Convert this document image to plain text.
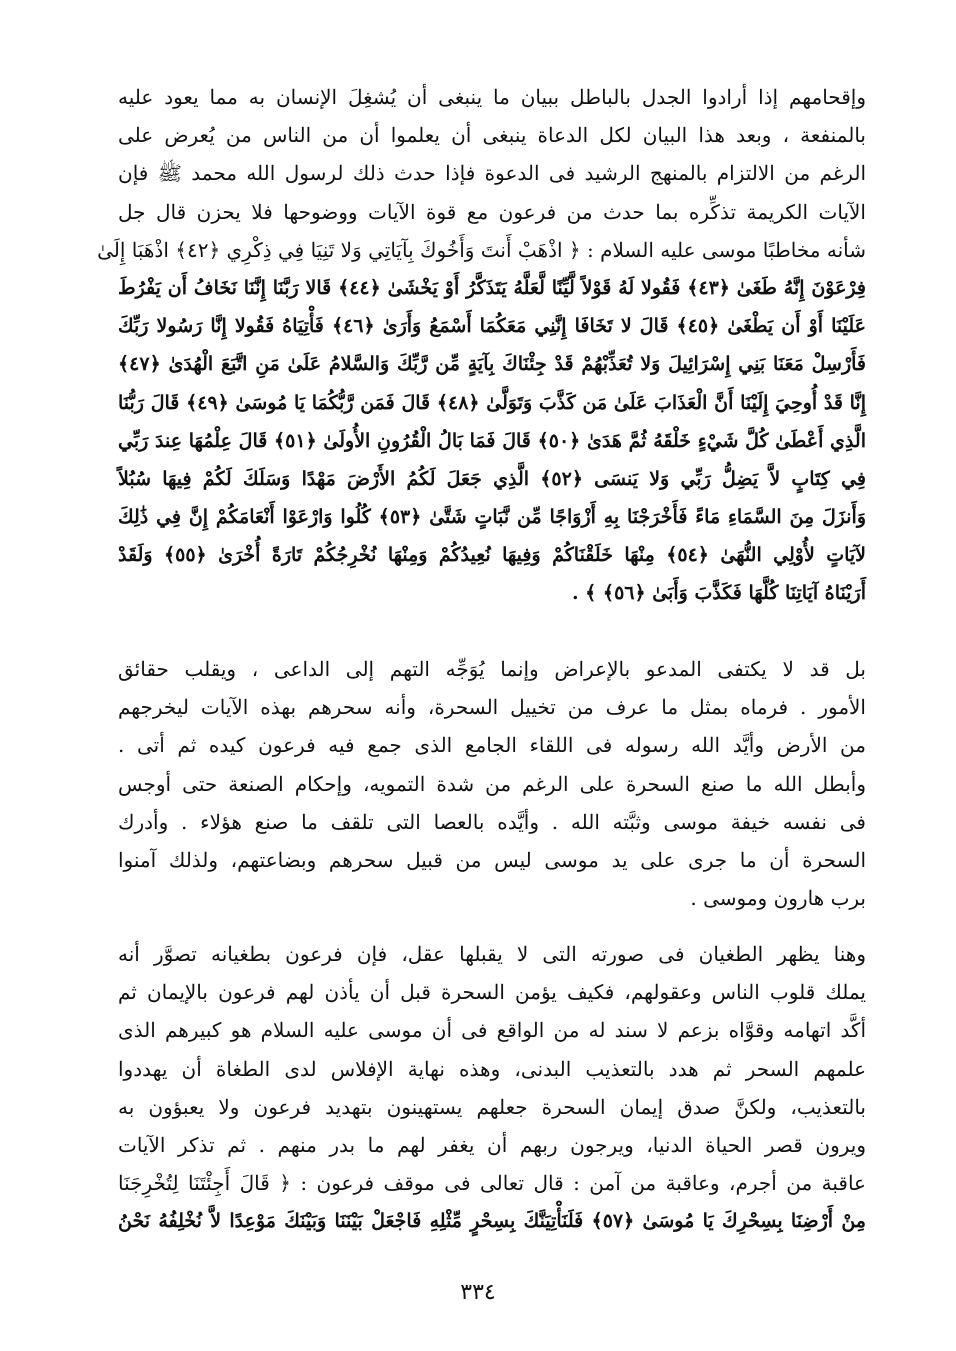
وإقحامهم إذا أرادوا الجدل بالباطل ببيان ما ينبغى أن يُشغِلَ الإنسان به مما يعود عليه
بالمنفعة ، وبعد هذا البيان لكل الدعاة ينبغى أن يعلموا أن من الناس من يُعرض على
الرغم من الالتزام بالمنهج الرشيد فى الدعوة فإذا حدث ذلك لرسول الله محمد ﷺ فإن
الآيات الكريمة تذكِّره بما حدث من فرعون مع قوة الآيات ووضوحها فلا يحزن قال جل
شأنه مخاطبًا موسى عليه السلام : ﴿ اذْهَبْ أَنتَ وَأَخُوكَ بِآيَاتِي وَلا تَنِيَا فِي ذِكْرِي ﴿٤٢﴾ اذْهَبَا إِلَىٰ
فِرْعَوْنَ إِنَّهُ طَغَىٰ ﴿٤٣﴾ فَقُولا لَهُ قَوْلاً لَّيِّنًا لَّعَلَّهُ يَتَذَكَّرُ أَوْ يَخْشَىٰ ﴿٤٤﴾ قَالا رَبَّنَا إِنَّنَا نَخَافُ أَن يَفْرُطَ
عَلَيْنَا أَوْ أَن يَطْغَىٰ ﴿٤٥﴾ قَالَ لا تَخَافَا إِنَّنِي مَعَكُمَا أَسْمَعُ وَأَرَىٰ ﴿٤٦﴾ فَأْتِيَاهُ فَقُولا إِنَّا رَسُولا رَبِّكَ
فَأَرْسِلْ مَعَنَا بَنِي إِسْرَائِيلَ وَلا تُعَذِّبْهُمْ قَدْ جِئْنَاكَ بِآيَةٍ مِّن رَّبِّكَ وَالسَّلامُ عَلَىٰ مَنِ اتَّبَعَ الْهُدَىٰ ﴿٤٧﴾
إِنَّا قَدْ أُوحِيَ إِلَيْنَا أَنَّ الْعَذَابَ عَلَىٰ مَن كَذَّبَ وَتَوَلَّىٰ ﴿٤٨﴾ قَالَ فَمَن رَّبُّكُمَا يَا مُوسَىٰ ﴿٤٩﴾ قَالَ رَبُّنَا
الَّذِي أَعْطَىٰ كُلَّ شَيْءٍ خَلْقَهُ ثُمَّ هَدَىٰ ﴿٥٠﴾ قَالَ فَمَا بَالُ الْقُرُونِ الأُولَىٰ ﴿٥١﴾ قَالَ عِلْمُهَا عِندَ رَبِّي
فِي كِتَابٍ لاَّ يَضِلُّ رَبِّي وَلا يَنسَى ﴿٥٢﴾ الَّذِي جَعَلَ لَكُمُ الأَرْضَ مَهْدًا وَسَلَكَ لَكُمْ فِيهَا سُبُلاً
وَأَنزَلَ مِنَ السَّمَاءِ مَاءً فَأَخْرَجْنَا بِهِ أَزْوَاجًا مِّن نَّبَاتٍ شَتَّىٰ ﴿٥٣﴾ كُلُوا وَارْعَوْا أَنْعَامَكُمْ إِنَّ فِي ذَٰلِكَ
لآيَاتٍ لأُوْلِي النُّهَىٰ ﴿٥٤﴾ مِنْهَا خَلَقْنَاكُمْ وَفِيهَا نُعِيدُكُمْ وَمِنْهَا نُخْرِجُكُمْ تَارَةً أُخْرَىٰ ﴿٥٥﴾ وَلَقَدْ
أَرَيْنَاهُ آيَاتِنَا كُلَّهَا فَكَذَّبَ وَأَبَىٰ ﴿٥٦﴾ ﴾ .
بل قد لا يكتفى المدعو بالإعراض وإنما يُوَجِّه التهم إلى الداعى ، ويقلب حقائق
الأمور . فرماه بمثل ما عرف من تخييل السحرة، وأنه سحرهم بهذه الآيات ليخرجهم
من الأرض وأيَّد الله رسوله فى اللقاء الجامع الذى جمع فيه فرعون كيده ثم أتى .
وأبطل الله ما صنع السحرة على الرغم من شدة التمويه، وإحكام الصنعة حتى أوجس
فى نفسه خيفة موسى وثبَّته الله . وأيَّده بالعصا التى تلقف ما صنع هؤلاء . وأدرك
السحرة أن ما جرى على يد موسى ليس من قبيل سحرهم وبضاعتهم، ولذلك آمنوا
برب هارون وموسى .
وهنا يظهر الطغيان فى صورته التى لا يقبلها عقل، فإن فرعون بطغيانه تصوَّر أنه
يملك قلوب الناس وعقولهم، فكيف يؤمن السحرة قبل أن يأذن لهم فرعون بالإيمان ثم
أكَّد اتهامه وقوَّاه بزعم لا سند له من الواقع فى أن موسى عليه السلام هو كبيرهم الذى
علمهم السحر ثم هدد بالتعذيب البدنى، وهذه نهاية الإفلاس لدى الطغاة أن يهددوا
بالتعذيب، ولكنَّ صدق إيمان السحرة جعلهم يستهينون بتهديد فرعون ولا يعبؤون به
ويرون قصر الحياة الدنيا، ويرجون ربهم أن يغفر لهم ما بدر منهم . ثم تذكر الآيات
عاقبة من أجرم، وعاقبة من آمن : قال تعالى فى موقف فرعون : ﴿ قَالَ أَجِئْتَنَا لِتُخْرِجَنَا
مِنْ أَرْضِنَا بِسِحْرِكَ يَا مُوسَىٰ ﴿٥٧﴾ فَلَنَأْتِيَنَّكَ بِسِحْرٍ مِّثْلِهِ فَاجْعَلْ بَيْنَنَا وَبَيْنَكَ مَوْعِدًا لاَّ نُخْلِفُهُ نَحْنُ
٣٣٤
